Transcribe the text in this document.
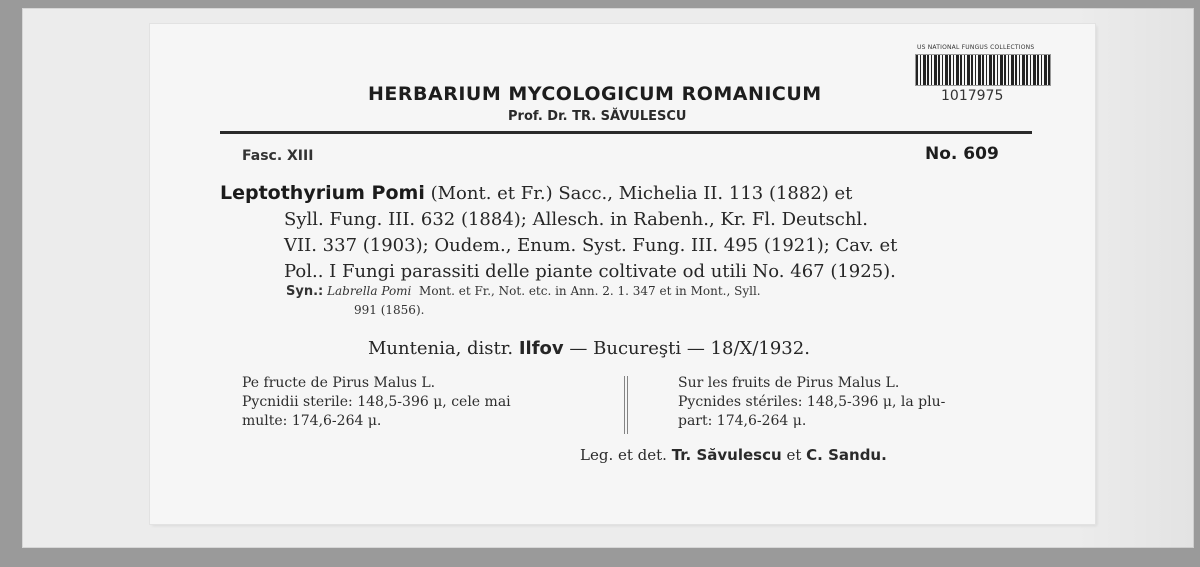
HERBARIUM MYCOLOGICUM ROMANICUM
Prof. Dr. TR. SĂVULESCU
US NATIONAL FUNGUS COLLECTIONS
1017975
Fasc. XIII	No. 609
Leptothyrium Pomi (Mont. et Fr.) Sacc., Michelia II. 113 (1882) et
Syll. Fung. III. 632 (1884); Allesch. in Rabenh., Kr. Fl. Deutschl.
VII. 337 (1903); Oudem., Enum. Syst. Fung. III. 495 (1921); Cav. et
Pol.. I Fungi parassiti delle piante coltivate od utili No. 467 (1925).
Syn.: Labrella Pomi Mont. et Fr., Not. etc. in Ann. 2. 1. 347 et in Mont., Syll.
991 (1856).
Muntenia, distr. Ilfov — Bucureşti — 18/X/1932.
Pe fructe de Pirus Malus L.
Pycnidii sterile: 148,5-396 μ, cele mai
multe: 174,6-264 μ.
Sur les fruits de Pirus Malus L.
Pycnides stériles: 148,5-396 μ, la plu-
part: 174,6-264 μ.
Leg. et det. Tr. Săvulescu et C. Sandu.
